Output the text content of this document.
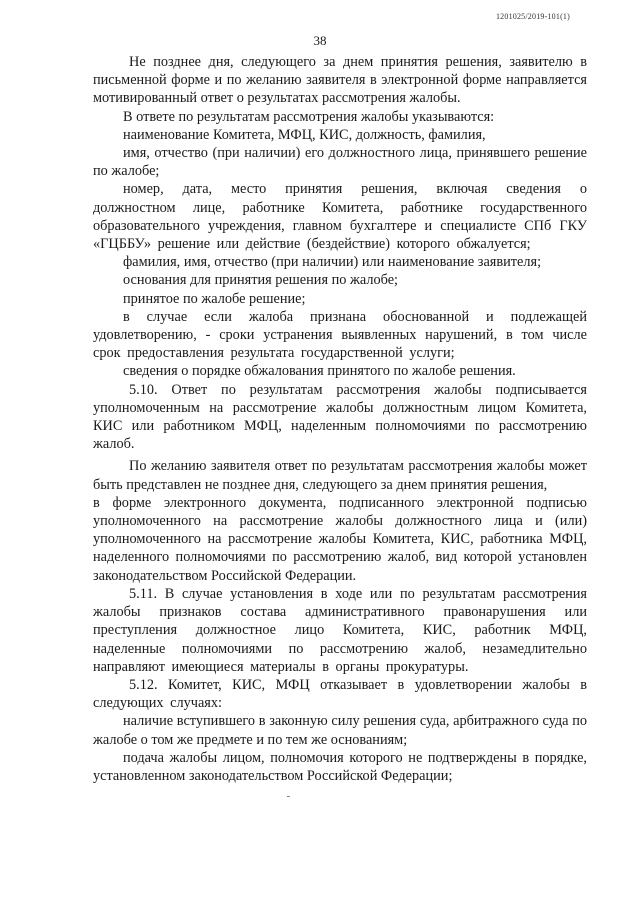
1201025/2019-101(1)
38

Не позднее дня, следующего за днем принятия решения, заявителю в письменной форме и по желанию заявителя в электронной форме направляется мотивированный ответ о результатах рассмотрения жалобы.

В ответе по результатам рассмотрения жалобы указываются:

наименование Комитета, МФЦ, КИС, должность, фамилия,

имя, отчество (при наличии) его должностного лица, принявшего решение по жалобе;

номер, дата, место принятия решения, включая сведения о должностном лице, работнике Комитета, работнике государственного образовательного учреждения, главном бухгалтере и специалисте СПб ГКУ «ГЦББУ» решение или действие (бездействие) которого обжалуется;

фамилия, имя, отчество (при наличии) или наименование заявителя;

основания для принятия решения по жалобе;

принятое по жалобе решение;

в случае если жалоба признана обоснованной и подлежащей удовлетворению, - сроки устранения выявленных нарушений, в том числе срок предоставления результата государственной услуги;

сведения о порядке обжалования принятого по жалобе решения.

5.10. Ответ по результатам рассмотрения жалобы подписывается уполномоченным на рассмотрение жалобы должностным лицом Комитета, КИС или работником МФЦ, наделенным полномочиями по рассмотрению жалоб.

По желанию заявителя ответ по результатам рассмотрения жалобы может быть представлен не позднее дня, следующего за днем принятия решения,

в форме электронного документа, подписанного электронной подписью уполномоченного на рассмотрение жалобы должностного лица и (или) уполномоченного на рассмотрение жалобы Комитета, КИС, работника МФЦ, наделенного полномочиями по рассмотрению жалоб, вид которой установлен законодательством Российской Федерации.

5.11. В случае установления в ходе или по результатам рассмотрения жалобы признаков состава административного правонарушения или преступления должностное лицо Комитета, КИС, работник МФЦ, наделенные полномочиями по рассмотрению жалоб, незамедлительно направляют имеющиеся материалы в органы прокуратуры.

5.12. Комитет, КИС, МФЦ отказывает в удовлетворении жалобы в следующих случаях:

наличие вступившего в законную силу решения суда, арбитражного суда по жалобе о том же предмете и по тем же основаниям;

подача жалобы лицом, полномочия которого не подтверждены в порядке, установленном законодательством Российской Федерации;
